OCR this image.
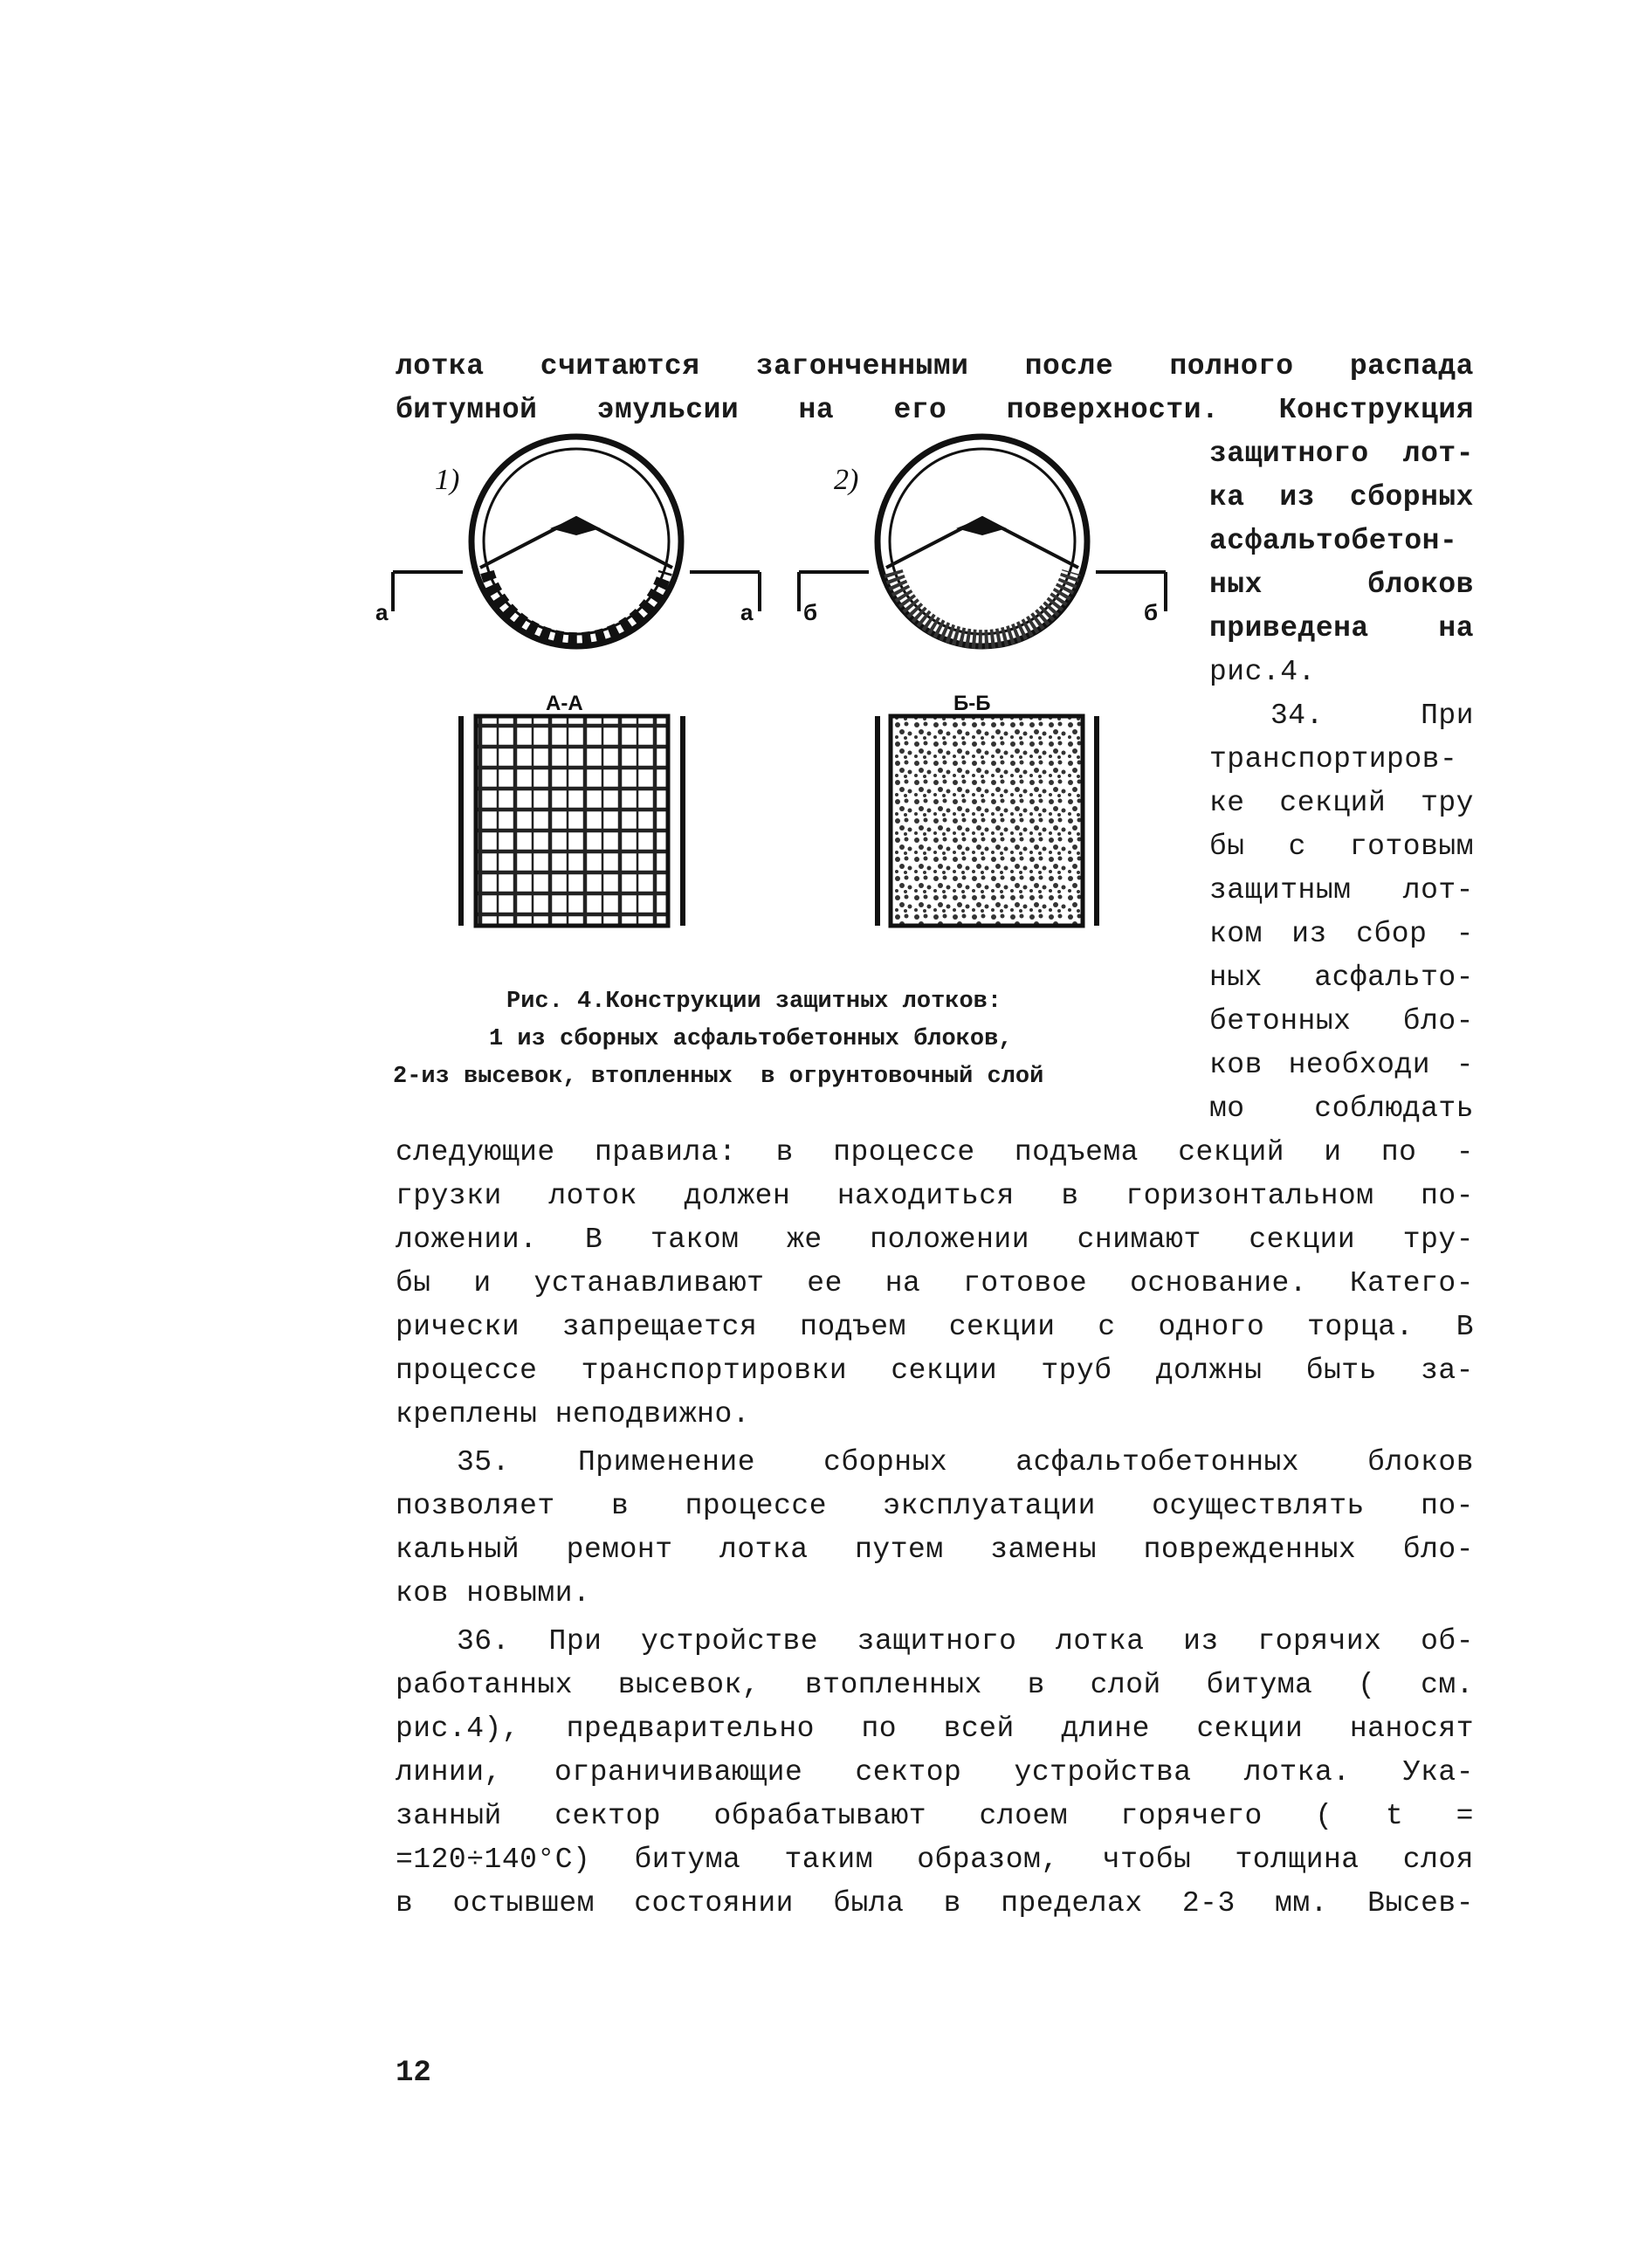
лотка считаются загонченными после полного распада
битумной эмульсии на его поверхности. Конструкция
защитного лот-
ка из сборных
асфальтобетон-
ных блоков
приведена на
рис.4.
34. При
транспортиров-
ке секций тру
бы с готовым
защитным лот-
ком из сбор -
ных асфальто-
бетонных бло-
ков необходи -
мо соблюдать
1)
а	а
2)
б	б
А-А	Б-Б
Рис. 4.Конструкции защитных лотков:
1 из сборных асфальтобетонных блоков,
2-из высевок, втопленных  в огрунтовочный слой
следующие правила: в процессе подъема секций и по -
грузки лоток должен находиться в горизонтальном по-
ложении. В таком же положении снимают секции тру-
бы и устанавливают ее на готовое основание. Катего-
рически запрещается подъем секции с одного торца. В
процессе транспортировки секции труб должны быть за-
креплены неподвижно.
35. Применение сборных асфальтобетонных блоков
позволяет в процессе эксплуатации осуществлять по-
кальный ремонт лотка путем замены поврежденных бло-
ков новыми.
36. При устройстве защитного лотка из горячих об-
работанных высевок, втопленных в слой битума ( см.
рис.4), предварительно по всей длине секции наносят
линии, ограничивающие сектор устройства лотка. Ука-
занный сектор обрабатывают слоем горячего ( t =
=120÷140°С) битума таким образом, чтобы толщина слоя
в остывшем состоянии была в пределах 2-3 мм. Высев-
12
